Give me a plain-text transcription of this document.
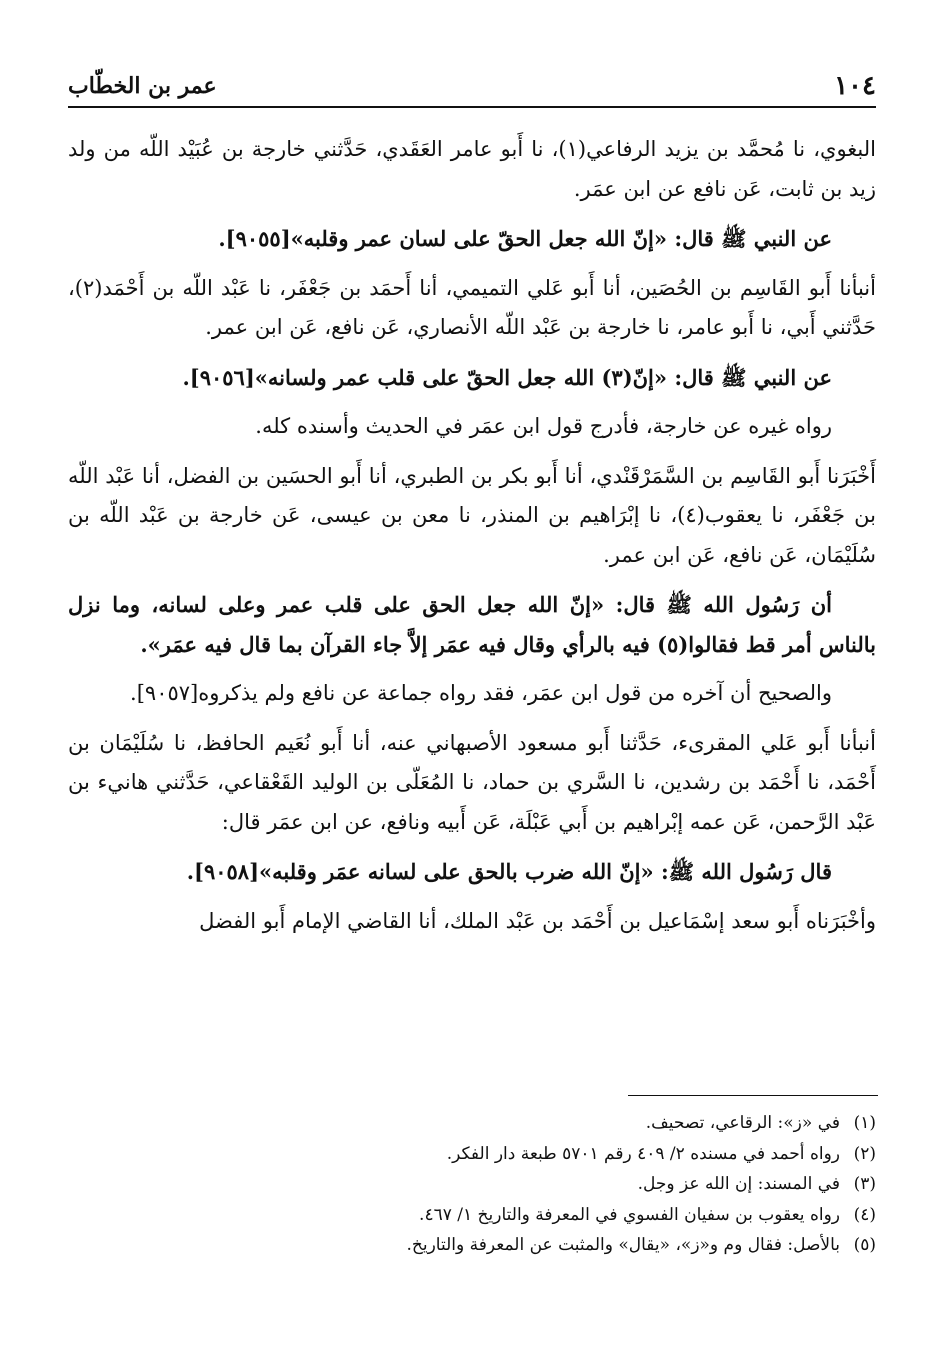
١٠٤
عمر بن الخطّاب

البغوي، نا مُحمَّد بن يزيد الرفاعي(١)، نا أَبو عامر العَقَدي، حَدَّثني خارجة بن عُبَيْد اللّه من ولد زيد بن ثابت، عَن نافع عن ابن عمَر.

عن النبي ﷺ قال: «إنّ الله جعل الحقّ على لسان عمر وقلبه»[٩٠٥٥].

أنبأنا أَبو القَاسِم بن الحُصَين، أنا أَبو عَلي التميمي، أنا أَحمَد بن جَعْفَر، نا عَبْد اللّه بن أَحْمَد(٢)، حَدَّثني أَبي، نا أَبو عامر، نا خارجة بن عَبْد اللّه الأنصاري، عَن نافع، عَن ابن عمر.

عن النبي ﷺ قال: «إنّ(٣) الله جعل الحقّ على قلب عمر ولسانه»[٩٠٥٦].

رواه غيره عن خارجة، فأدرج قول ابن عمَر في الحديث وأسنده كله.

أَخْبَرَنا أَبو القَاسِم بن السَّمَرْقَنْدي، أنا أَبو بكر بن الطبري، أنا أَبو الحسَين بن الفضل، أنا عَبْد اللّه بن جَعْفَر، نا يعقوب(٤)، نا إبْرَاهيم بن المنذر، نا معن بن عيسى، عَن خارجة بن عَبْد اللّه بن سُلَيْمَان، عَن نافع، عَن ابن عمر.

أن رَسُول الله ﷺ قال: «إنّ الله جعل الحق على قلب عمر وعلى لسانه، وما نزل بالناس أمر قط فقالوا(٥) فيه بالرأي وقال فيه عمَر إلاَّ جاء القرآن بما قال فيه عمَر».

والصحيح أن آخره من قول ابن عمَر، فقد رواه جماعة عن نافع ولم يذكروه[٩٠٥٧].

أنبأنا أَبو عَلي المقرىء، حَدَّثنا أَبو مسعود الأصبهاني عنه، أنا أَبو نُعَيم الحافظ، نا سُلَيْمَان بن أَحْمَد، نا أَحْمَد بن رشدين، نا السَّري بن حماد، نا المُعَلّى بن الوليد القَعْقاعي، حَدَّثني هانيء بن عَبْد الرَّحمن، عَن عمه إبْراهيم بن أَبي عَبْلَة، عَن أَبيه ونافع، عن ابن عمَر قال:

قال رَسُول الله ﷺ: «إنّ الله ضرب بالحق على لسانه عمَر وقلبه»[٩٠٥٨].

وأخْبَرَناه أَبو سعد إسْمَاعيل بن أَحْمَد بن عَبْد الملك، أنا القاضي الإمام أَبو الفضل

(١)
في «ز»: الرقاعي، تصحيف.
(٢)
رواه أحمد في مسنده ٢/ ٤٠٩ رقم ٥٧٠١ طبعة دار الفكر.
(٣)
في المسند: إن الله عز وجل.
(٤)
رواه يعقوب بن سفيان الفسوي في المعرفة والتاريخ ١/ ٤٦٧.
(٥)
بالأصل: فقال وم و«ز»، «يقال» والمثبت عن المعرفة والتاريخ.
